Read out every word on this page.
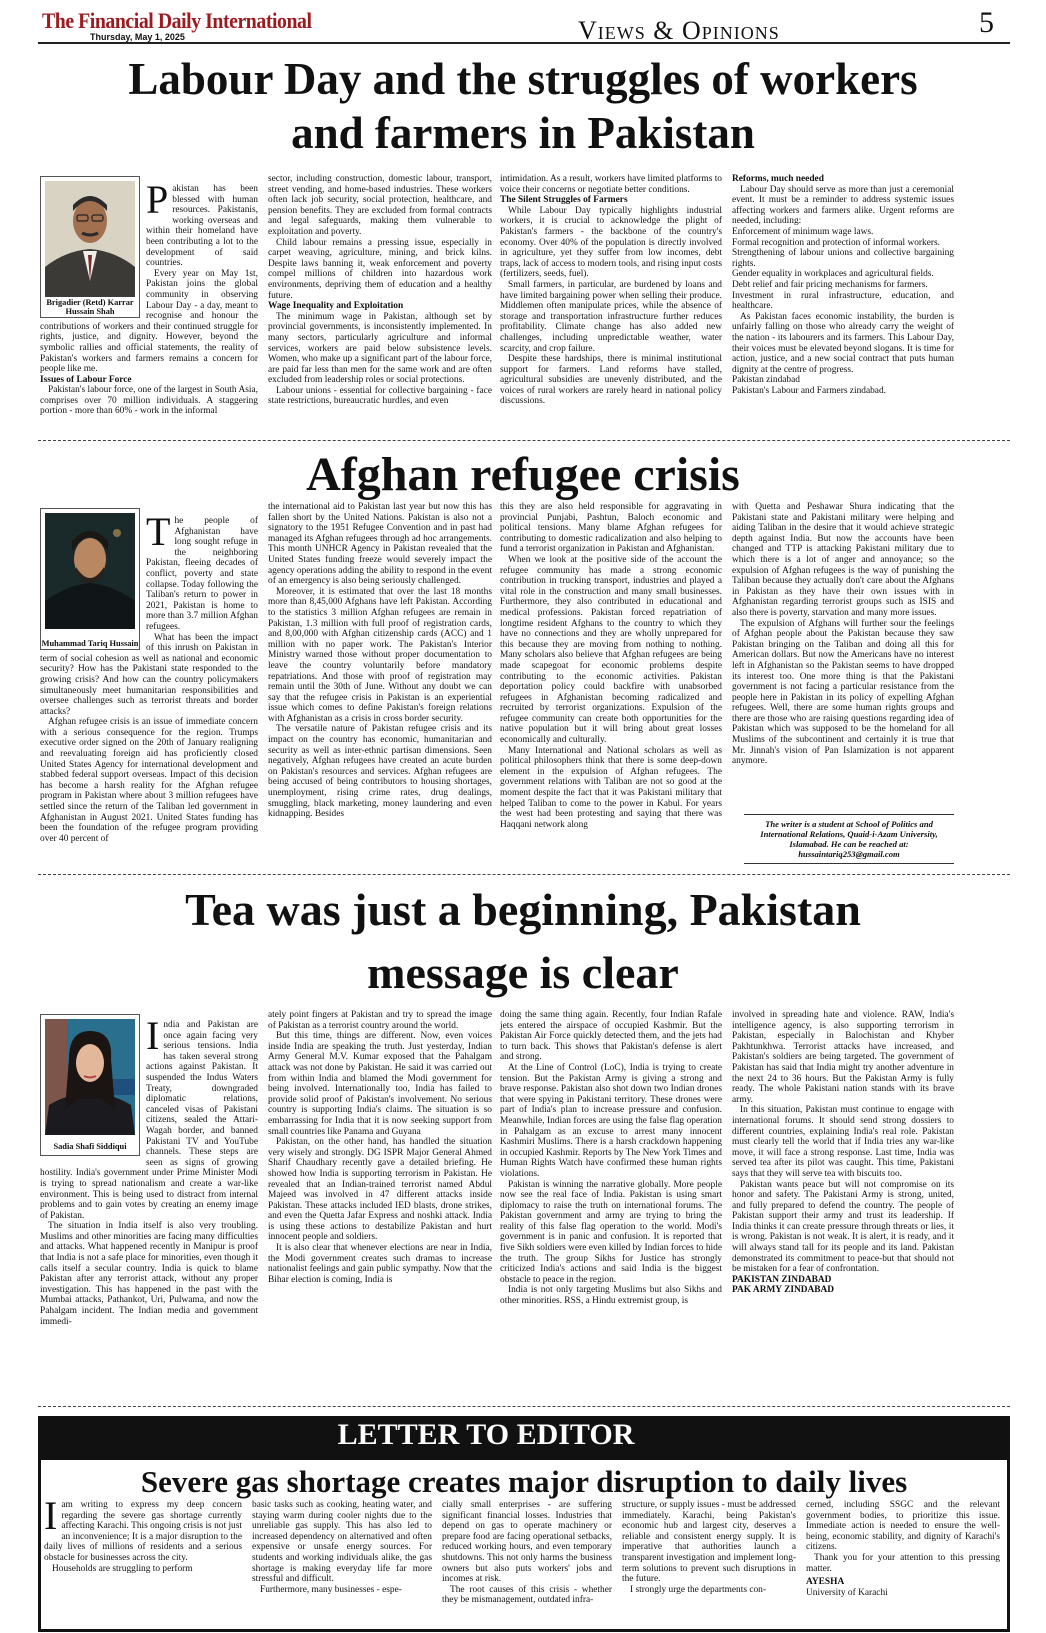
The Financial Daily International
Thursday, May 1, 2025	Views & Opinions	5
Labour Day and the struggles of workers
and farmers in Pakistan
Brigadier (Retd) Karrar Hussain Shah

Pakistan has been blessed with human resources. Pakistanis, working overseas and within their homeland have been contributing a lot to the development of said countries.

Every year on May 1st, Pakistan joins the global community in observing Labour Day - a day, meant to recognise and honour the contributions of workers and their continued struggle for rights, justice, and dignity. However, beyond the symbolic rallies and official statements, the reality of Pakistan's workers and farmers remains a concern for people like me.

Issues of Labour Force

Pakistan's labour force, one of the largest in South Asia, comprises over 70 million individuals. A staggering portion - more than 60% - work in the informal

sector, including construction, domestic labour, transport, street vending, and home-based industries. These workers often lack job security, social protection, healthcare, and pension benefits. They are excluded from formal contracts and legal safeguards, making them vulnerable to exploitation and poverty.

Child labour remains a pressing issue, especially in carpet weaving, agriculture, mining, and brick kilns. Despite laws banning it, weak enforcement and poverty compel millions of children into hazardous work environments, depriving them of education and a healthy future.

Wage Inequality and Exploitation

The minimum wage in Pakistan, although set by provincial governments, is inconsistently implemented. In many sectors, particularly agriculture and informal services, workers are paid below subsistence levels. Women, who make up a significant part of the labour force, are paid far less than men for the same work and are often excluded from leadership roles or social protections.

Labour unions - essential for collective bargaining - face state restrictions, bureaucratic hurdles, and even

intimidation. As a result, workers have limited platforms to voice their concerns or negotiate better conditions.

The Silent Struggles of Farmers

While Labour Day typically highlights industrial workers, it is crucial to acknowledge the plight of Pakistan's farmers - the backbone of the country's economy. Over 40% of the population is directly involved in agriculture, yet they suffer from low incomes, debt traps, lack of access to modern tools, and rising input costs (fertilizers, seeds, fuel).

Small farmers, in particular, are burdened by loans and have limited bargaining power when selling their produce. Middlemen often manipulate prices, while the absence of storage and transportation infrastructure further reduces profitability. Climate change has also added new challenges, including unpredictable weather, water scarcity, and crop failure.

Despite these hardships, there is minimal institutional support for farmers. Land reforms have stalled, agricultural subsidies are unevenly distributed, and the voices of rural workers are rarely heard in national policy discussions.

Reforms, much needed

Labour Day should serve as more than just a ceremonial event. It must be a reminder to address systemic issues affecting workers and farmers alike. Urgent reforms are needed, including:

Enforcement of minimum wage laws.

Formal recognition and protection of informal workers.

Strengthening of labour unions and collective bargaining rights.

Gender equality in workplaces and agricultural fields.

Debt relief and fair pricing mechanisms for farmers.

Investment in rural infrastructure, education, and healthcare.

As Pakistan faces economic instability, the burden is unfairly falling on those who already carry the weight of the nation - its labourers and its farmers. This Labour Day, their voices must be elevated beyond slogans. It is time for action, justice, and a new social contract that puts human dignity at the centre of progress.

Pakistan zindabad

Pakistan's Labour and Farmers zindabad.

Afghan refugee crisis
Muhammad Tariq Hussain

The people of Afghanistan have long sought refuge in the neighboring Pakistan, fleeing decades of conflict, poverty and state collapse. Today following the Taliban's return to power in 2021, Pakistan is home to more than 3.7 million Afghan refugees.

What has been the impact of this inrush on Pakistan in term of social cohesion as well as national and economic security? How has the Pakistani state responded to the growing crisis? And how can the country policymakers simultaneously meet humanitarian responsibilities and oversee challenges such as terrorist threats and border attacks?

Afghan refugee crisis is an issue of immediate concern with a serious consequence for the region. Trumps executive order signed on the 20th of January realigning and reevaluating foreign aid has proficiently closed United States Agency for international development and stabbed federal support overseas. Impact of this decision has become a harsh reality for the Afghan refugee program in Pakistan where about 3 million refugees have settled since the return of the Taliban led government in Afghanistan in August 2021. United States funding has been the foundation of the refugee program providing over 40 percent of

the international aid to Pakistan last year but now this has fallen short by the United Nations. Pakistan is also not a signatory to the 1951 Refugee Convention and in past had managed its Afghan refugees through ad hoc arrangements. This month UNHCR Agency in Pakistan revealed that the United States funding freeze would severely impact the agency operations adding the ability to respond in the event of an emergency is also being seriously challenged.

Moreover, it is estimated that over the last 18 months more than 8,45,000 Afghans have left Pakistan. According to the statistics 3 million Afghan refugees are remain in Pakistan, 1.3 million with full proof of registration cards, and 8,00,000 with Afghan citizenship cards (ACC) and 1 million with no paper work. The Pakistan's Interior Ministry warned those without proper documentation to leave the country voluntarily before mandatory repatriations. And those with proof of registration may remain until the 30th of June. Without any doubt we can say that the refugee crisis in Pakistan is an experiential issue which comes to define Pakistan's foreign relations with Afghanistan as a crisis in cross border security.

The versatile nature of Pakistan refugee crisis and its impact on the country has economic, humanitarian and security as well as inter-ethnic partisan dimensions. Seen negatively, Afghan refugees have created an acute burden on Pakistan's resources and services. Afghan refugees are being accused of being contributors to housing shortages, unemployment, rising crime rates, drug dealings, smuggling, black marketing, money laundering and even kidnapping. Besides

this they are also held responsible for aggravating in provincial Punjabi, Pashtun, Baloch economic and political tensions. Many blame Afghan refugees for contributing to domestic radicalization and also helping to fund a terrorist organization in Pakistan and Afghanistan.

When we look at the positive side of the account the refugee community has made a strong economic contribution in trucking transport, industries and played a vital role in the construction and many small businesses. Furthermore, they also contributed in educational and medical professions. Pakistan forced repatriation of longtime resident Afghans to the country to which they have no connections and they are wholly unprepared for this because they are moving from nothing to nothing. Many scholars also believe that Afghan refugees are being made scapegoat for economic problems despite contributing to the economic activities. Pakistan deportation policy could backfire with unabsorbed refugees in Afghanistan becoming radicalized and recruited by terrorist organizations. Expulsion of the refugee community can create both opportunities for the native population but it will bring about great losses economically and culturally.

Many International and National scholars as well as political philosophers think that there is some deep-down element in the expulsion of Afghan refugees. The government relations with Taliban are not so good at the moment despite the fact that it was Pakistani military that helped Taliban to come to the power in Kabul. For years the west had been protesting and saying that there was Haqqani network along

with Quetta and Peshawar Shura indicating that the Pakistani state and Pakistani military were helping and aiding Taliban in the desire that it would achieve strategic depth against India. But now the accounts have been changed and TTP is attacking Pakistani military due to which there is a lot of anger and annoyance; so the expulsion of Afghan refugees is the way of punishing the Taliban because they actually don't care about the Afghans in Pakistan as they have their own issues with in Afghanistan regarding terrorist groups such as ISIS and also there is poverty, starvation and many more issues.

The expulsion of Afghans will further sour the feelings of Afghan people about the Pakistan because they saw Pakistan bringing on the Taliban and doing all this for American dollars. But now the Americans have no interest left in Afghanistan so the Pakistan seems to have dropped its interest too. One more thing is that the Pakistani government is not facing a particular resistance from the people here in Pakistan in its policy of expelling Afghan refugees. Well, there are some human rights groups and there are those who are raising questions regarding idea of Pakistan which was supposed to be the homeland for all Muslims of the subcontinent and certainly it is true that Mr. Jinnah's vision of Pan Islamization is not apparent anymore.

The writer is a student at School of Politics and International Relations, Quaid-i-Azam University, Islamabad. He can be reached at: hussaintariq253@gmail.com
Tea was just a beginning, Pakistan
message is clear
Sadia Shafi Siddiqui

India and Pakistan are once again facing very serious tensions. India has taken several strong actions against Pakistan. It suspended the Indus Waters Treaty, downgraded diplomatic relations, canceled visas of Pakistani citizens, sealed the Attari-Wagah border, and banned Pakistani TV and YouTube channels. These steps are seen as signs of growing hostility. India's government under Prime Minister Modi is trying to spread nationalism and create a war-like environment. This is being used to distract from internal problems and to gain votes by creating an enemy image of Pakistan.

The situation in India itself is also very troubling. Muslims and other minorities are facing many difficulties and attacks. What happened recently in Manipur is proof that India is not a safe place for minorities, even though it calls itself a secular country. India is quick to blame Pakistan after any terrorist attack, without any proper investigation. This has happened in the past with the Mumbai attacks, Pathankot, Uri, Pulwama, and now the Pahalgam incident. The Indian media and government immedi-

ately point fingers at Pakistan and try to spread the image of Pakistan as a terrorist country around the world.

But this time, things are different. Now, even voices inside India are speaking the truth. Just yesterday, Indian Army General M.V. Kumar exposed that the Pahalgam attack was not done by Pakistan. He said it was carried out from within India and blamed the Modi government for being involved. Internationally too, India has failed to provide solid proof of Pakistan's involvement. No serious country is supporting India's claims. The situation is so embarrassing for India that it is now seeking support from small countries like Panama and Guyana

Pakistan, on the other hand, has handled the situation very wisely and strongly. DG ISPR Major General Ahmed Sharif Chaudhary recently gave a detailed briefing. He showed how India is supporting terrorism in Pakistan. He revealed that an Indian-trained terrorist named Abdul Majeed was involved in 47 different attacks inside Pakistan. These attacks included IED blasts, drone strikes, and even the Quetta Jafar Express and noshki attack. India is using these actions to destabilize Pakistan and hurt innocent people and soldiers.

It is also clear that whenever elections are near in India, the Modi government creates such dramas to increase nationalist feelings and gain public sympathy. Now that the Bihar election is coming, India is

doing the same thing again. Recently, four Indian Rafale jets entered the airspace of occupied Kashmir. But the Pakistan Air Force quickly detected them, and the jets had to turn back. This shows that Pakistan's defense is alert and strong.

At the Line of Control (LoC), India is trying to create tension. But the Pakistan Army is giving a strong and brave response. Pakistan also shot down two Indian drones that were spying in Pakistani territory. These drones were part of India's plan to increase pressure and confusion. Meanwhile, Indian forces are using the false flag operation in Pahalgam as an excuse to arrest many innocent Kashmiri Muslims. There is a harsh crackdown happening in occupied Kashmir. Reports by The New York Times and Human Rights Watch have confirmed these human rights violations.

Pakistan is winning the narrative globally. More people now see the real face of India. Pakistan is using smart diplomacy to raise the truth on international forums. The Pakistan government and army are trying to bring the reality of this false flag operation to the world. Modi's government is in panic and confusion. It is reported that five Sikh soldiers were even killed by Indian forces to hide the truth. The group Sikhs for Justice has strongly criticized India's actions and said India is the biggest obstacle to peace in the region.

India is not only targeting Muslims but also Sikhs and other minorities. RSS, a Hindu extremist group, is

involved in spreading hate and violence. RAW, India's intelligence agency, is also supporting terrorism in Pakistan, especially in Balochistan and Khyber Pakhtunkhwa. Terrorist attacks have increased, and Pakistan's soldiers are being targeted. The government of Pakistan has said that India might try another adventure in the next 24 to 36 hours. But the Pakistan Army is fully ready. The whole Pakistani nation stands with its brave army.

In this situation, Pakistan must continue to engage with international forums. It should send strong dossiers to different countries, explaining India's real role. Pakistan must clearly tell the world that if India tries any war-like move, it will face a strong response. Last time, India was served tea after its pilot was caught. This time, Pakistani says that they will serve tea with biscuits too.

Pakistan wants peace but will not compromise on its honor and safety. The Pakistani Army is strong, united, and fully prepared to defend the country. The people of Pakistan support their army and trust its leadership. If India thinks it can create pressure through threats or lies, it is wrong. Pakistan is not weak. It is alert, it is ready, and it will always stand tall for its people and its land. Pakistan demonstrated its commitment to peace-but that should not be mistaken for a fear of confrontation.

PAKISTAN ZINDABAD

PAK ARMY ZINDABAD

LETTER TO EDITOR
Severe gas shortage creates major disruption to daily lives

Iam writing to express my deep concern regarding the severe gas shortage currently affecting Karachi. This ongoing crisis is not just an inconvenience; It is a major disruption to the daily lives of millions of residents and a serious obstacle for businesses across the city.

Households are struggling to perform

basic tasks such as cooking, heating water, and staying warm during cooler nights due to the unreliable gas supply. This has also led to increased dependency on alternatived and often expensive or unsafe energy sources. For students and working individuals alike, the gas shortage is making everyday life far more stressful and difficult.

Furthermore, many businesses - espe-

cially small enterprises - are suffering significant financial losses. Industries that depend on gas to operate machinery or prepare food are facing operational setbacks, reduced working hours, and even temporary shutdowns. This not only harms the business owners but also puts workers' jobs and incomes at risk.

The root causes of this crisis - whether they be mismanagement, outdated infra-

structure, or supply issues - must be addressed immediately. Karachi, being Pakistan's economic hub and largest city, deserves a reliable and consistent energy supply. It is imperative that authorities launch a transparent investigation and implement long-term solutions to prevent such disruptions in the future.

I strongly urge the departments con-

cerned, including SSGC and the relevant government bodies, to prioritize this issue. Immediate action is needed to ensure the well-being, economic stability, and dignity of Karachi's citizens.

Thank you for your attention to this pressing matter.

AYESHA

University of Karachi
